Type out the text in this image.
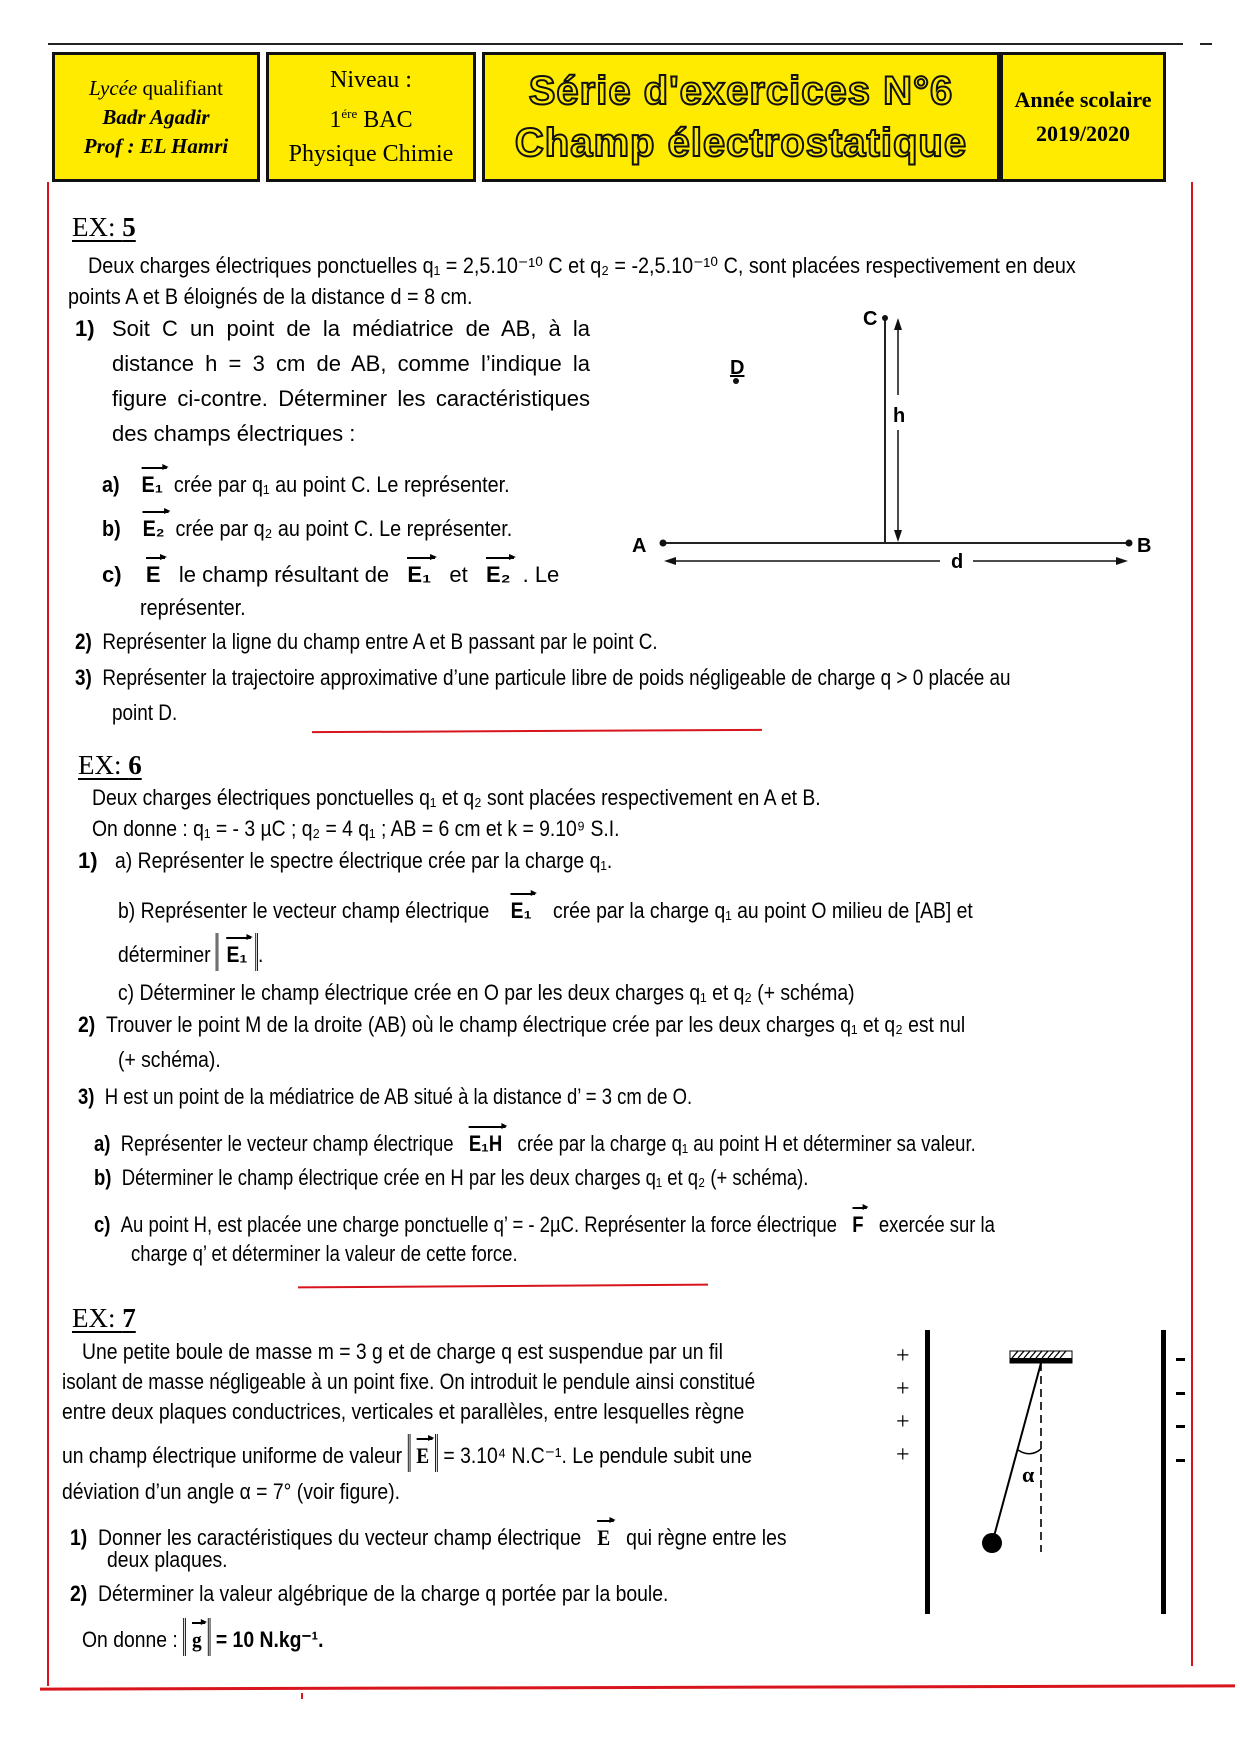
Lycée qualifiant
Badr Agadir
Prof : EL Hamri
Niveau :
$1^{ére}$ BAC
Physique Chimie
Série d'exercices N°6
Champ électrostatique
Année scolaire
2019/2020
EX: 5
Deux charges électriques ponctuelles q₁ = 2,5.10⁻¹⁰ C et q₂ = -2,5.10⁻¹⁰ C, sont placées respectivement en deux
points A et B éloignés de la distance d = 8 cm.
1) Soit C un point de la médiatrice de AB, à la
distance h = 3 cm de AB, comme l’indique la
figure ci-contre. Déterminer les caractéristiques
des champs électriques :
a) E₁ crée par q₁ au point C. Le représenter.
b) E₂ crée par q₂ au point C. Le représenter.
c) E le champ résultant de E₁ et E₂ . Le
représenter.
2) Représenter la ligne du champ entre A et B passant par le point C.
3) Représenter la trajectoire approximative d’une particule libre de poids négligeable de charge q > 0 placée au
point D.
A	B
C
D
h
d
EX: 6
Deux charges électriques ponctuelles q₁ et q₂ sont placées respectivement en A et B.
On donne : q₁ = - 3 µC ; q₂ = 4 q₁ ; AB = 6 cm et k = 9.10⁹ S.I.
1) a) Représenter le spectre électrique crée par la charge q₁.
b) Représenter le vecteur champ électrique E₁ crée par la charge q₁ au point O milieu de [AB] et
déterminer E₁ .
c) Déterminer le champ électrique crée en O par les deux charges q₁ et q₂ (+ schéma)
2) Trouver le point M de la droite (AB) où le champ électrique crée par les deux charges q₁ et q₂ est nul
(+ schéma).
3) H est un point de la médiatrice de AB situé à la distance d’ = 3 cm de O.
a) Représenter le vecteur champ électrique E₁H crée par la charge q₁ au point H et déterminer sa valeur.
b) Déterminer le champ électrique crée en H par les deux charges q₁ et q₂ (+ schéma).
c) Au point H, est placée une charge ponctuelle q’ = - 2µC. Représenter la force électrique F exercée sur la
charge q’ et déterminer la valeur de cette force.
EX: 7
Une petite boule de masse m = 3 g et de charge q est suspendue par un fil
isolant de masse négligeable à un point fixe. On introduit le pendule ainsi constitué
entre deux plaques conductrices, verticales et parallèles, entre lesquelles règne
un champ électrique uniforme de valeur E = 3.10⁴ N.C⁻¹. Le pendule subit une
déviation d’un angle α = 7° (voir figure).
1) Donner les caractéristiques du vecteur champ électrique E qui règne entre les
deux plaques.
2) Déterminer la valeur algébrique de la charge q portée par la boule.
On donne : g = 10 N.kg⁻¹.
+
+
+
+
α
